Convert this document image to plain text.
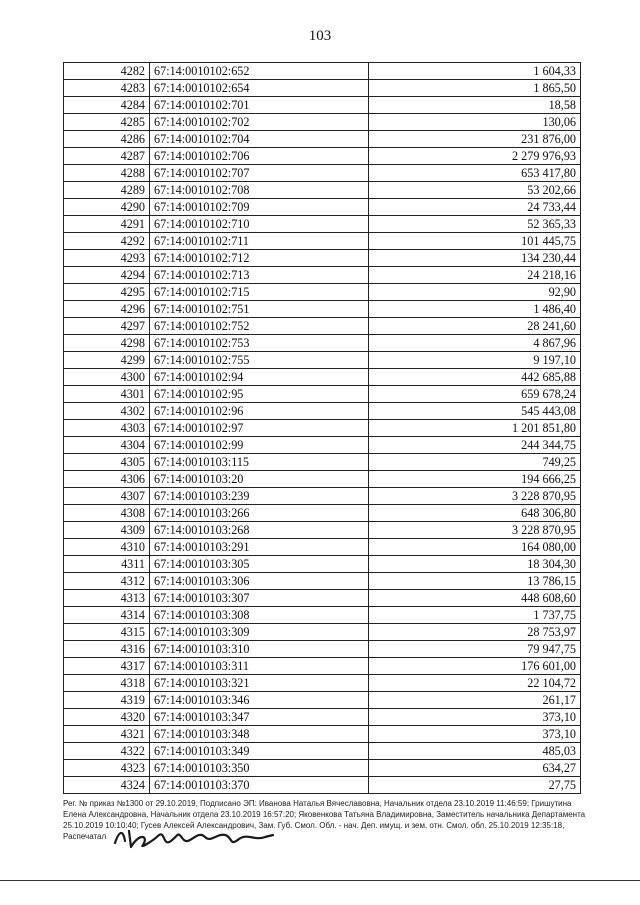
103
4282	67:14:0010102:652	1 604,33
4283	67:14:0010102:654	1 865,50
4284	67:14:0010102:701	18,58
4285	67:14:0010102:702	130,06
4286	67:14:0010102:704	231 876,00
4287	67:14:0010102:706	2 279 976,93
4288	67:14:0010102:707	653 417,80
4289	67:14:0010102:708	53 202,66
4290	67:14:0010102:709	24 733,44
4291	67:14:0010102:710	52 365,33
4292	67:14:0010102:711	101 445,75
4293	67:14:0010102:712	134 230,44
4294	67:14:0010102:713	24 218,16
4295	67:14:0010102:715	92,90
4296	67:14:0010102:751	1 486,40
4297	67:14:0010102:752	28 241,60
4298	67:14:0010102:753	4 867,96
4299	67:14:0010102:755	9 197,10
4300	67:14:0010102:94	442 685,88
4301	67:14:0010102:95	659 678,24
4302	67:14:0010102:96	545 443,08
4303	67:14:0010102:97	1 201 851,80
4304	67:14:0010102:99	244 344,75
4305	67:14:0010103:115	749,25
4306	67:14:0010103:20	194 666,25
4307	67:14:0010103:239	3 228 870,95
4308	67:14:0010103:266	648 306,80
4309	67:14:0010103:268	3 228 870,95
4310	67:14:0010103:291	164 080,00
4311	67:14:0010103:305	18 304,30
4312	67:14:0010103:306	13 786,15
4313	67:14:0010103:307	448 608,60
4314	67:14:0010103:308	1 737,75
4315	67:14:0010103:309	28 753,97
4316	67:14:0010103:310	79 947,75
4317	67:14:0010103:311	176 601,00
4318	67:14:0010103:321	22 104,72
4319	67:14:0010103:346	261,17
4320	67:14:0010103:347	373,10
4321	67:14:0010103:348	373,10
4322	67:14:0010103:349	485,03
4323	67:14:0010103:350	634,27
4324	67:14:0010103:370	27,75
Рег. № приказ №1300 от 29.10.2019, Подписано ЭП: Иванова Наталья Вячеславовна, Начальник отдела 23.10.2019 11:46:59; Гришутина Елена Александровна, Начальник отдела 23.10.2019 16:57:20; Яковенкова Татьяна Владимировна, Заместитель начальника Департамента 25.10.2019 10:10:40; Гусев Алексей Александрович, Зам. Губ. Смол. Обл. - нач. Деп. имущ. и зем. отн. Смол. обл. 25.10.2019 12:35:18,
Распечатал
